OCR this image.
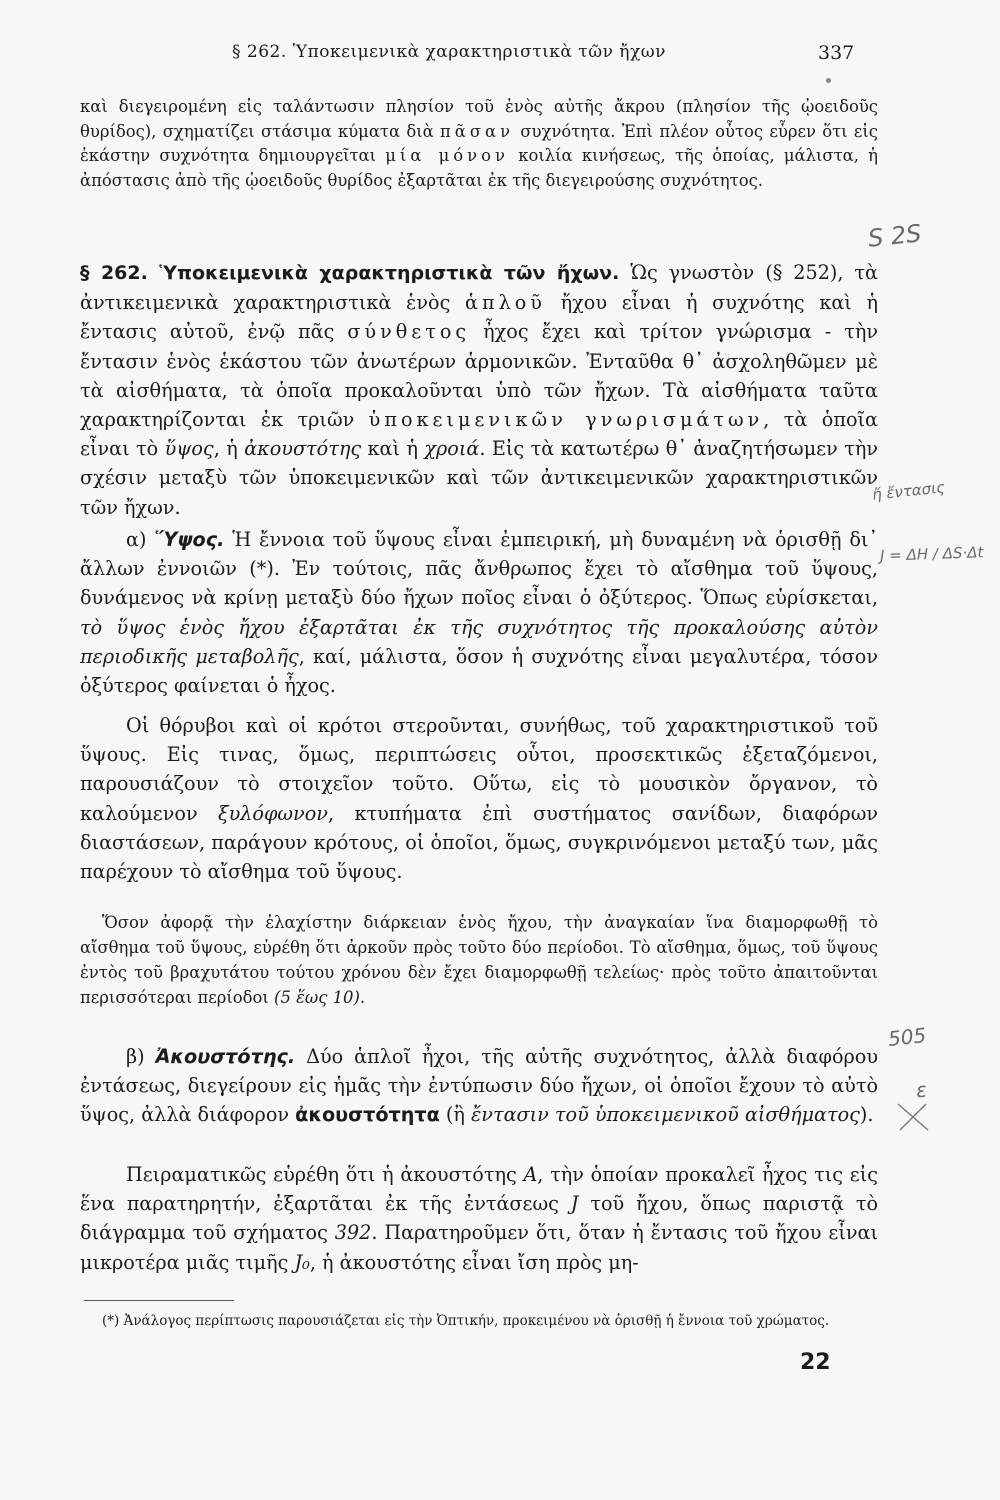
§ 262. Ὑποκειμενικὰ χαρακτηριστικὰ τῶν ἤχων	337
καὶ διεγειρομένη εἰς ταλάντωσιν πλησίον τοῦ ἑνὸς αὐτῆς ἄκρου (πλησίον τῆς ᾠοειδοῦς θυρίδος), σχηματίζει στάσιμα κύματα διὰ πᾶσαν συχνότητα. Ἐπὶ πλέον οὗτος εὗρεν ὅτι εἰς ἑκάστην συχνότητα δημιουργεῖται μία μόνον κοιλία κινήσεως, τῆς ὁποίας, μάλιστα, ἡ ἀπόστασις ἀπὸ τῆς ᾠοειδοῦς θυρίδος ἐξαρτᾶται ἐκ τῆς διεγειρούσης συχνότητος.
§ 262. Ὑποκειμενικὰ χαρακτηριστικὰ τῶν ἤχων. Ὡς γνωστὸν (§ 252), τὰ ἀντικειμενικὰ χαρακτηριστικὰ ἑνὸς ἁπλοῦ ἤχου εἶναι ἡ συχνότης καὶ ἡ ἔντασις αὐτοῦ, ἐνῷ πᾶς σύνθετος ἦχος ἔχει καὶ τρίτον γνώρισμα - τὴν ἔντασιν ἑνὸς ἑκάστου τῶν ἀνωτέρων ἁρμονικῶν. Ἐνταῦθα θ᾽ ἀσχοληθῶμεν μὲ τὰ αἰσθήματα, τὰ ὁποῖα προκαλοῦνται ὑπὸ τῶν ἤχων. Τὰ αἰσθήματα ταῦτα χαρακτηρίζονται ἐκ τριῶν ὑποκειμενικῶν γνωρισμάτων, τὰ ὁποῖα εἶναι τὸ ὕψος, ἡ ἀκουστότης καὶ ἡ χροιά. Εἰς τὰ κατωτέρω θ᾽ ἀναζητήσωμεν τὴν σχέσιν μεταξὺ τῶν ὑποκειμενικῶν καὶ τῶν ἀντικειμενικῶν χαρακτηριστικῶν τῶν ἤχων.
α) Ὕψος. Ἡ ἔννοια τοῦ ὕψους εἶναι ἐμπειρική, μὴ δυναμένη νὰ ὁρισθῇ δι᾽ ἄλλων ἐννοιῶν (*). Ἐν τούτοις, πᾶς ἄνθρωπος ἔχει τὸ αἴσθημα τοῦ ὕψους, δυνάμενος νὰ κρίνῃ μεταξὺ δύο ἤχων ποῖος εἶναι ὁ ὀξύτερος. Ὅπως εὑρίσκεται, τὸ ὕψος ἑνὸς ἤχου ἐξαρτᾶται ἐκ τῆς συχνότητος τῆς προκαλούσης αὐτὸν περιοδικῆς μεταβολῆς, καί, μάλιστα, ὅσον ἡ συχνότης εἶναι μεγαλυτέρα, τόσον ὀξύτερος φαίνεται ὁ ἦχος.
Οἱ θόρυβοι καὶ οἱ κρότοι στεροῦνται, συνήθως, τοῦ χαρακτηριστικοῦ τοῦ ὕψους. Εἰς τινας, ὅμως, περιπτώσεις οὗτοι, προσεκτικῶς ἐξεταζόμενοι, παρουσιάζουν τὸ στοιχεῖον τοῦτο. Οὕτω, εἰς τὸ μουσικὸν ὄργανον, τὸ καλούμενον ξυλόφωνον, κτυπήματα ἐπὶ συστήματος σανίδων, διαφόρων διαστάσεων, παράγουν κρότους, οἱ ὁποῖοι, ὅμως, συγκρινόμενοι μεταξύ των, μᾶς παρέχουν τὸ αἴσθημα τοῦ ὕψους.
Ὅσον ἀφορᾷ τὴν ἐλαχίστην διάρκειαν ἑνὸς ἤχου, τὴν ἀναγκαίαν ἵνα διαμορφωθῇ τὸ αἴσθημα τοῦ ὕψους, εὑρέθη ὅτι ἀρκοῦν πρὸς τοῦτο δύο περίοδοι. Τὸ αἴσθημα, ὅμως, τοῦ ὕψους ἐντὸς τοῦ βραχυτάτου τούτου χρόνου δὲν ἔχει διαμορφωθῇ τελείως· πρὸς τοῦτο ἀπαιτοῦνται περισσότεραι περίοδοι (5 ἕως 10).
β) Ἀκουστότης. Δύο ἁπλοῖ ἦχοι, τῆς αὐτῆς συχνότητος, ἀλλὰ διαφόρου ἐντάσεως, διεγείρουν εἰς ἡμᾶς τὴν ἐντύπωσιν δύο ἤχων, οἱ ὁποῖοι ἔχουν τὸ αὐτὸ ὕψος, ἀλλὰ διάφορον ἀκουστότητα (ἢ ἔντασιν τοῦ ὑποκειμενικοῦ αἰσθήματος).
Πειραματικῶς εὑρέθη ὅτι ἡ ἀκουστότης A, τὴν ὁποίαν προκαλεῖ ἦχος τις εἰς ἕνα παρατηρητήν, ἐξαρτᾶται ἐκ τῆς ἐντάσεως J τοῦ ἤχου, ὅπως παριστᾷ τὸ διάγραμμα τοῦ σχήματος 392. Παρατηροῦμεν ὅτι, ὅταν ἡ ἔντασις τοῦ ἤχου εἶναι μικροτέρα μιᾶς τιμῆς J₀, ἡ ἀκουστότης εἶναι ἴση πρὸς μη-
(*) Ἀνάλογος περίπτωσις παρουσιάζεται εἰς τὴν Ὀπτικήν, προκειμένου νὰ ὁρισθῇ ἡ ἔννοια τοῦ χρώματος.
22
Ѕ 2Ѕ
ἤ ἔντασις
J = ΔΗ / ΔS·Δt
505
ε
